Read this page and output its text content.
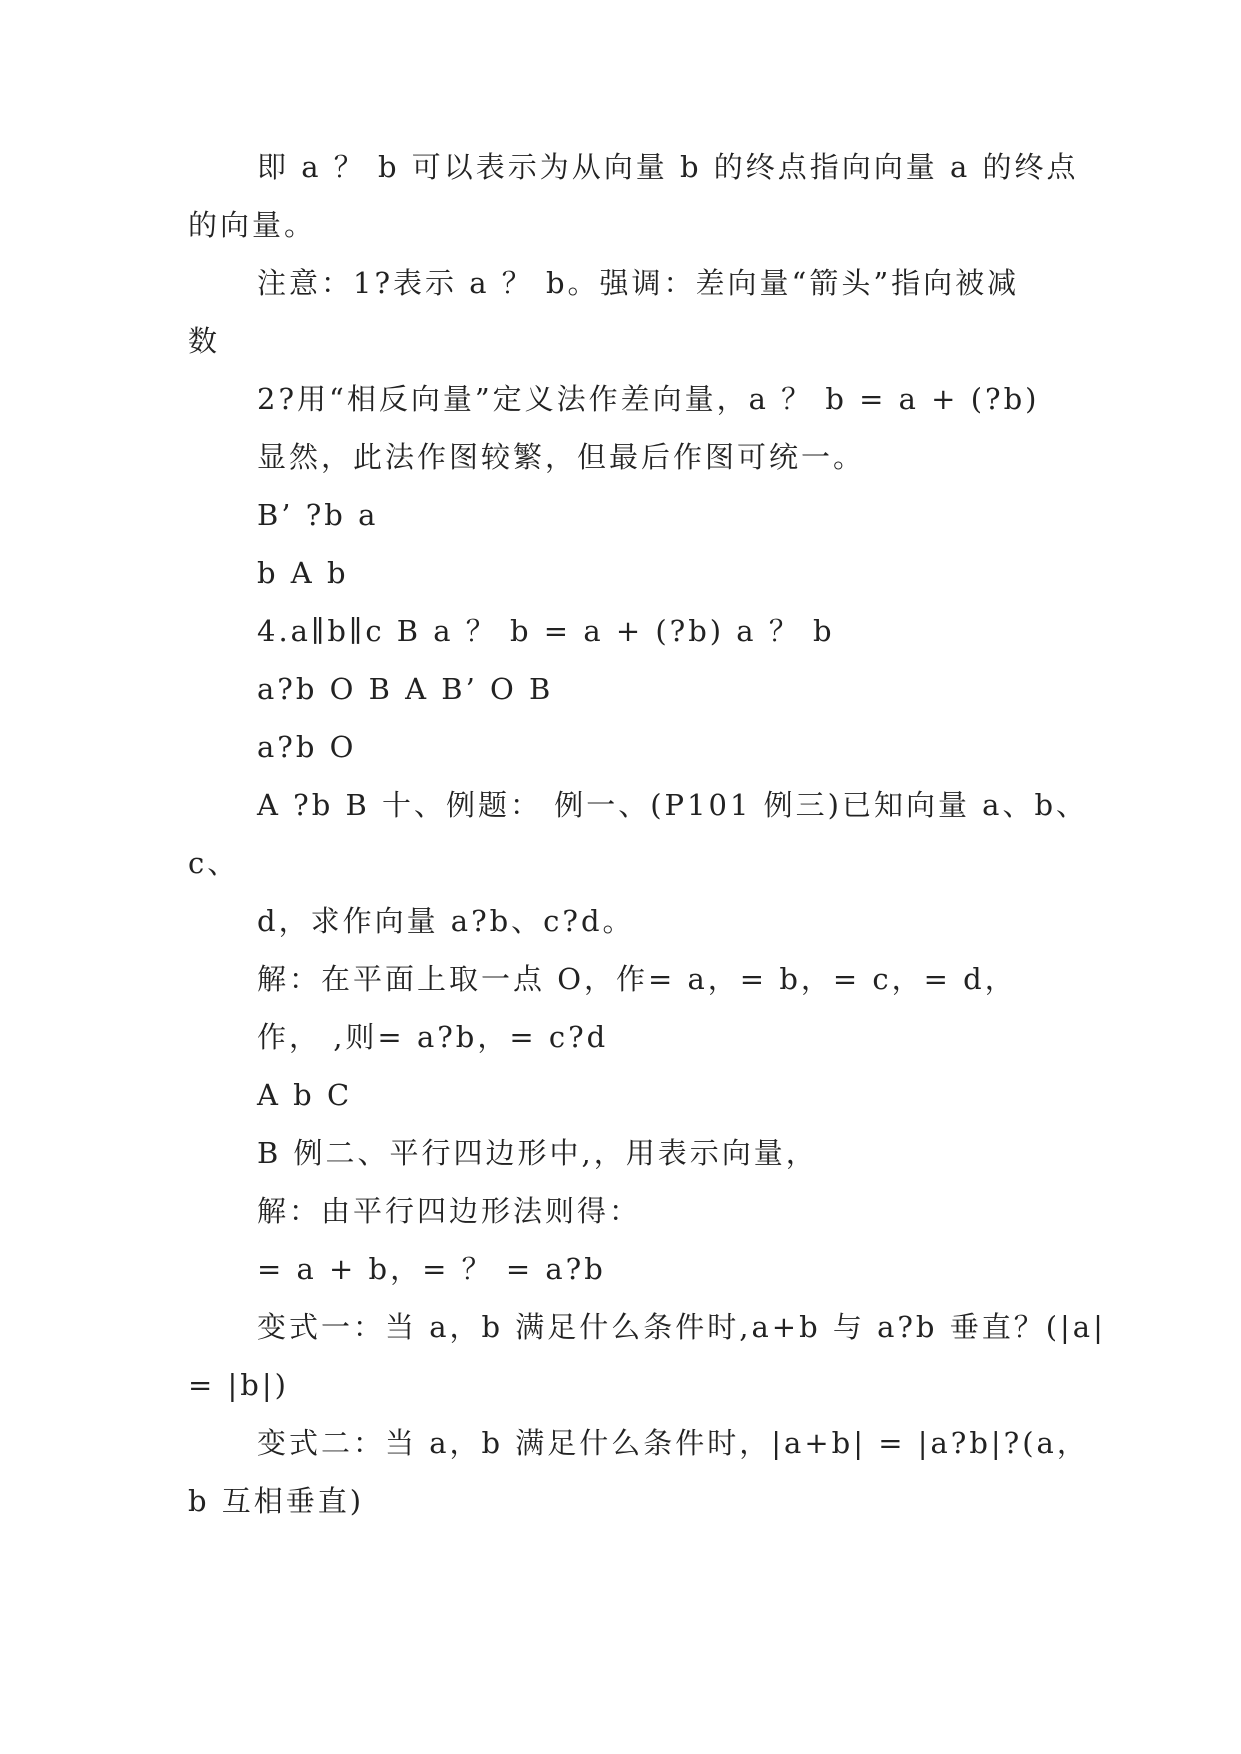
即 a ？ b 可以表示为从向量 b 的终点指向向量 a 的终点

的向量。

注意：1?表示 a ？ b。强调：差向量“箭头”指向被减

数

2?用“相反向量”定义法作差向量，a ？ b = a + (?b)

显然，此法作图较繁，但最后作图可统一。

B’ ?b a

b A b

4.a∥b∥c B a ？ b = a + (?b) a ？ b

a?b O B A B’ O B

a?b O

A ?b B 十、例题： 例一、(P101 例三)已知向量 a、b、

c、

d，求作向量 a?b、c?d。

解：在平面上取一点 O，作= a，= b，= c，= d，

作， ,则= a?b，= c?d

A b C

B 例二、平行四边形中,，用表示向量，

解：由平行四边形法则得：

= a + b，= ？ = a?b

变式一：当 a，b 满足什么条件时,a+b 与 a?b 垂直？(|a|

= |b|)

变式二：当 a，b 满足什么条件时，|a+b| = |a?b|?(a，

b 互相垂直)
